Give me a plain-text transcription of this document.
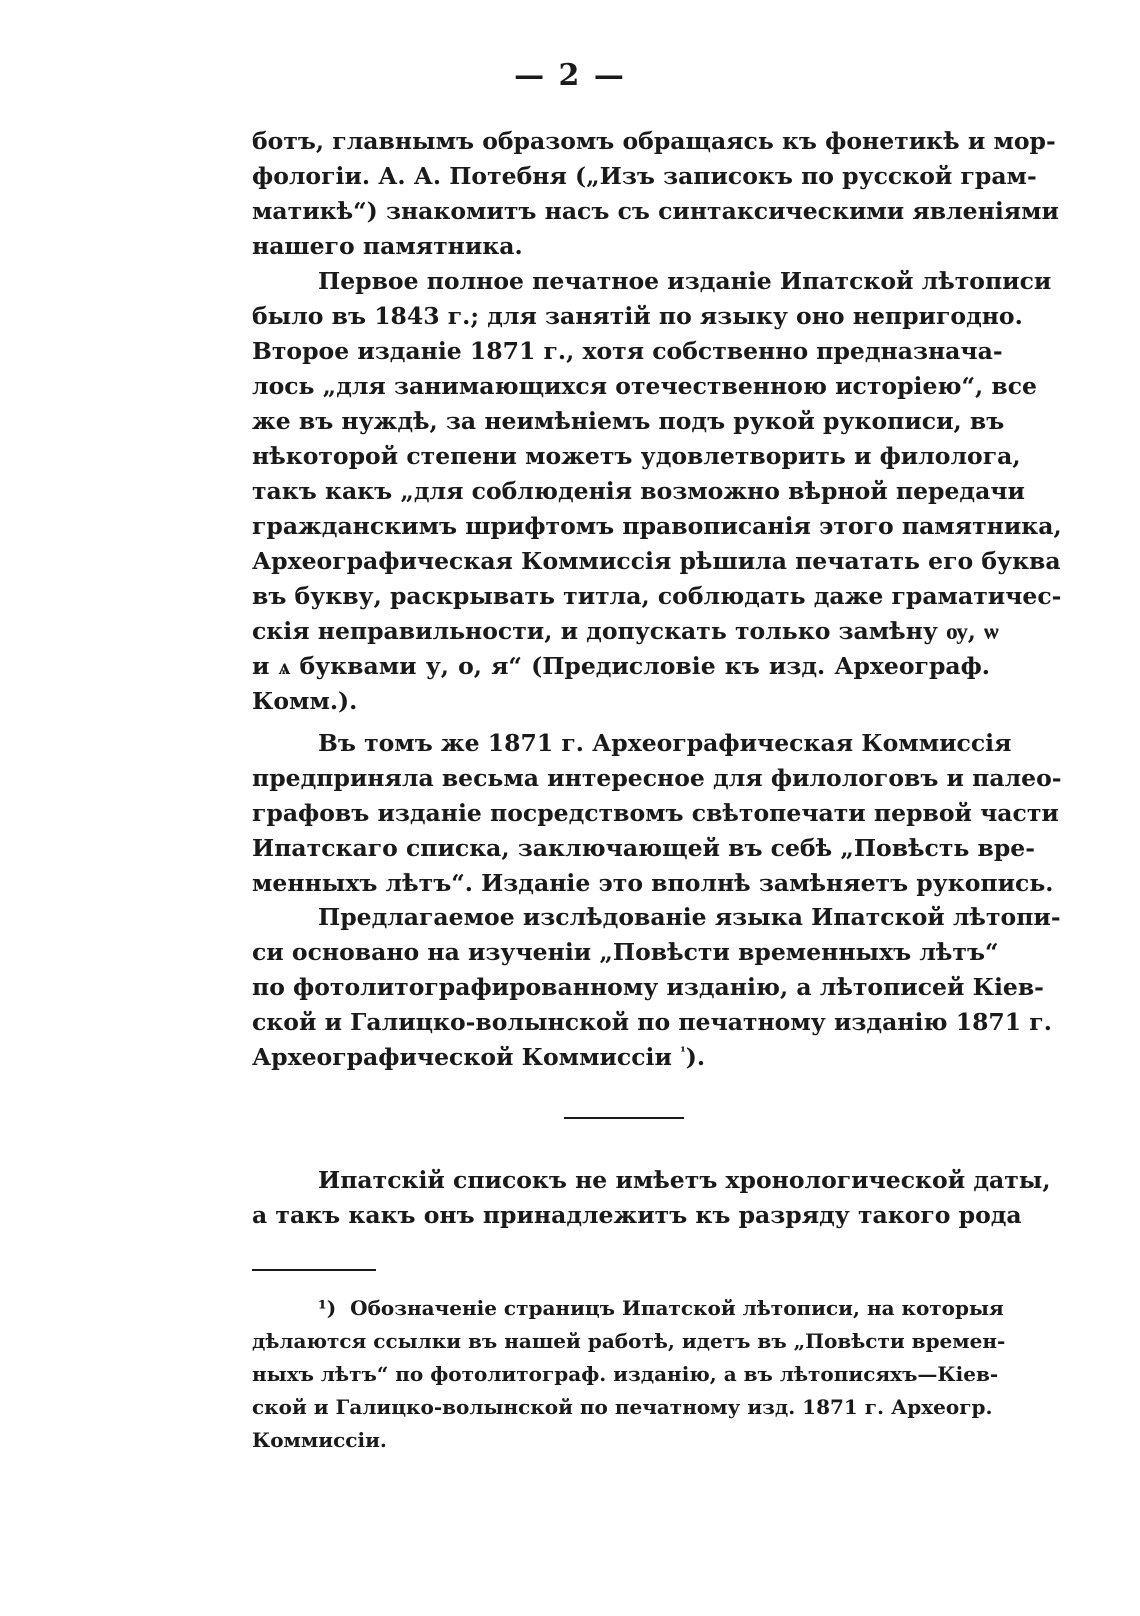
— 2 —
ботъ, главнымъ образомъ обращаясь къ фонетикѣ и мор-
фологіи. А. А. Потебня („Изъ записокъ по русской грам-
матикѣ“) знакомитъ насъ съ синтаксическими явленіями
нашего памятника.
Первое полное печатное изданіе Ипатской лѣтописи
было въ 1843 г.; для занятій по языку оно непригодно.
Второе изданіе 1871 г., хотя собственно предназнача-
лось „для занимающихся отечественною исторіею“, все
же въ нуждѣ, за неимѣніемъ подъ рукой рукописи, въ
нѣкоторой степени можетъ удовлетворить и филолога,
такъ какъ „для соблюденія возможно вѣрной передачи
гражданскимъ шрифтомъ правописанія этого памятника,
Археографическая Коммиссія рѣшила печатать его буква
въ букву, раскрывать титла, соблюдать даже граматичес-
скія неправильности, и допускать только замѣну ѹ, ѡ
и ѧ буквами у, о, я“ (Предисловіе къ изд. Археограф.
Комм.).
Въ томъ же 1871 г. Археографическая Коммиссія
предприняла весьма интересное для филологовъ и палео-
графовъ изданіе посредствомъ свѣтопечати первой части
Ипатскаго списка, заключающей въ себѣ „Повѣсть вре-
менныхъ лѣтъ“. Изданіе это вполнѣ замѣняетъ рукопись.
Предлагаемое изслѣдованіе языка Ипатской лѣтопи-
си основано на изученіи „Повѣсти временныхъ лѣтъ“
по фотолитографированному изданію, а лѣтописей Кіев-
ской и Галицко-волынской по печатному изданію 1871 г.
Археографической Коммиссіи $^{^1}$).
Ипатскій списокъ не имѣетъ хронологической даты,
а такъ какъ онъ принадлежитъ къ разряду такого рода
¹) Обозначеніе страницъ Ипатской лѣтописи, на которыя
дѣлаются ссылки въ нашей работѣ, идетъ въ „Повѣсти времен-
ныхъ лѣтъ“ по фотолитограф. изданію, а въ лѣтописяхъ—Кіев-
ской и Галицко-волынской по печатному изд. 1871 г. Археогр.
Коммиссіи.
